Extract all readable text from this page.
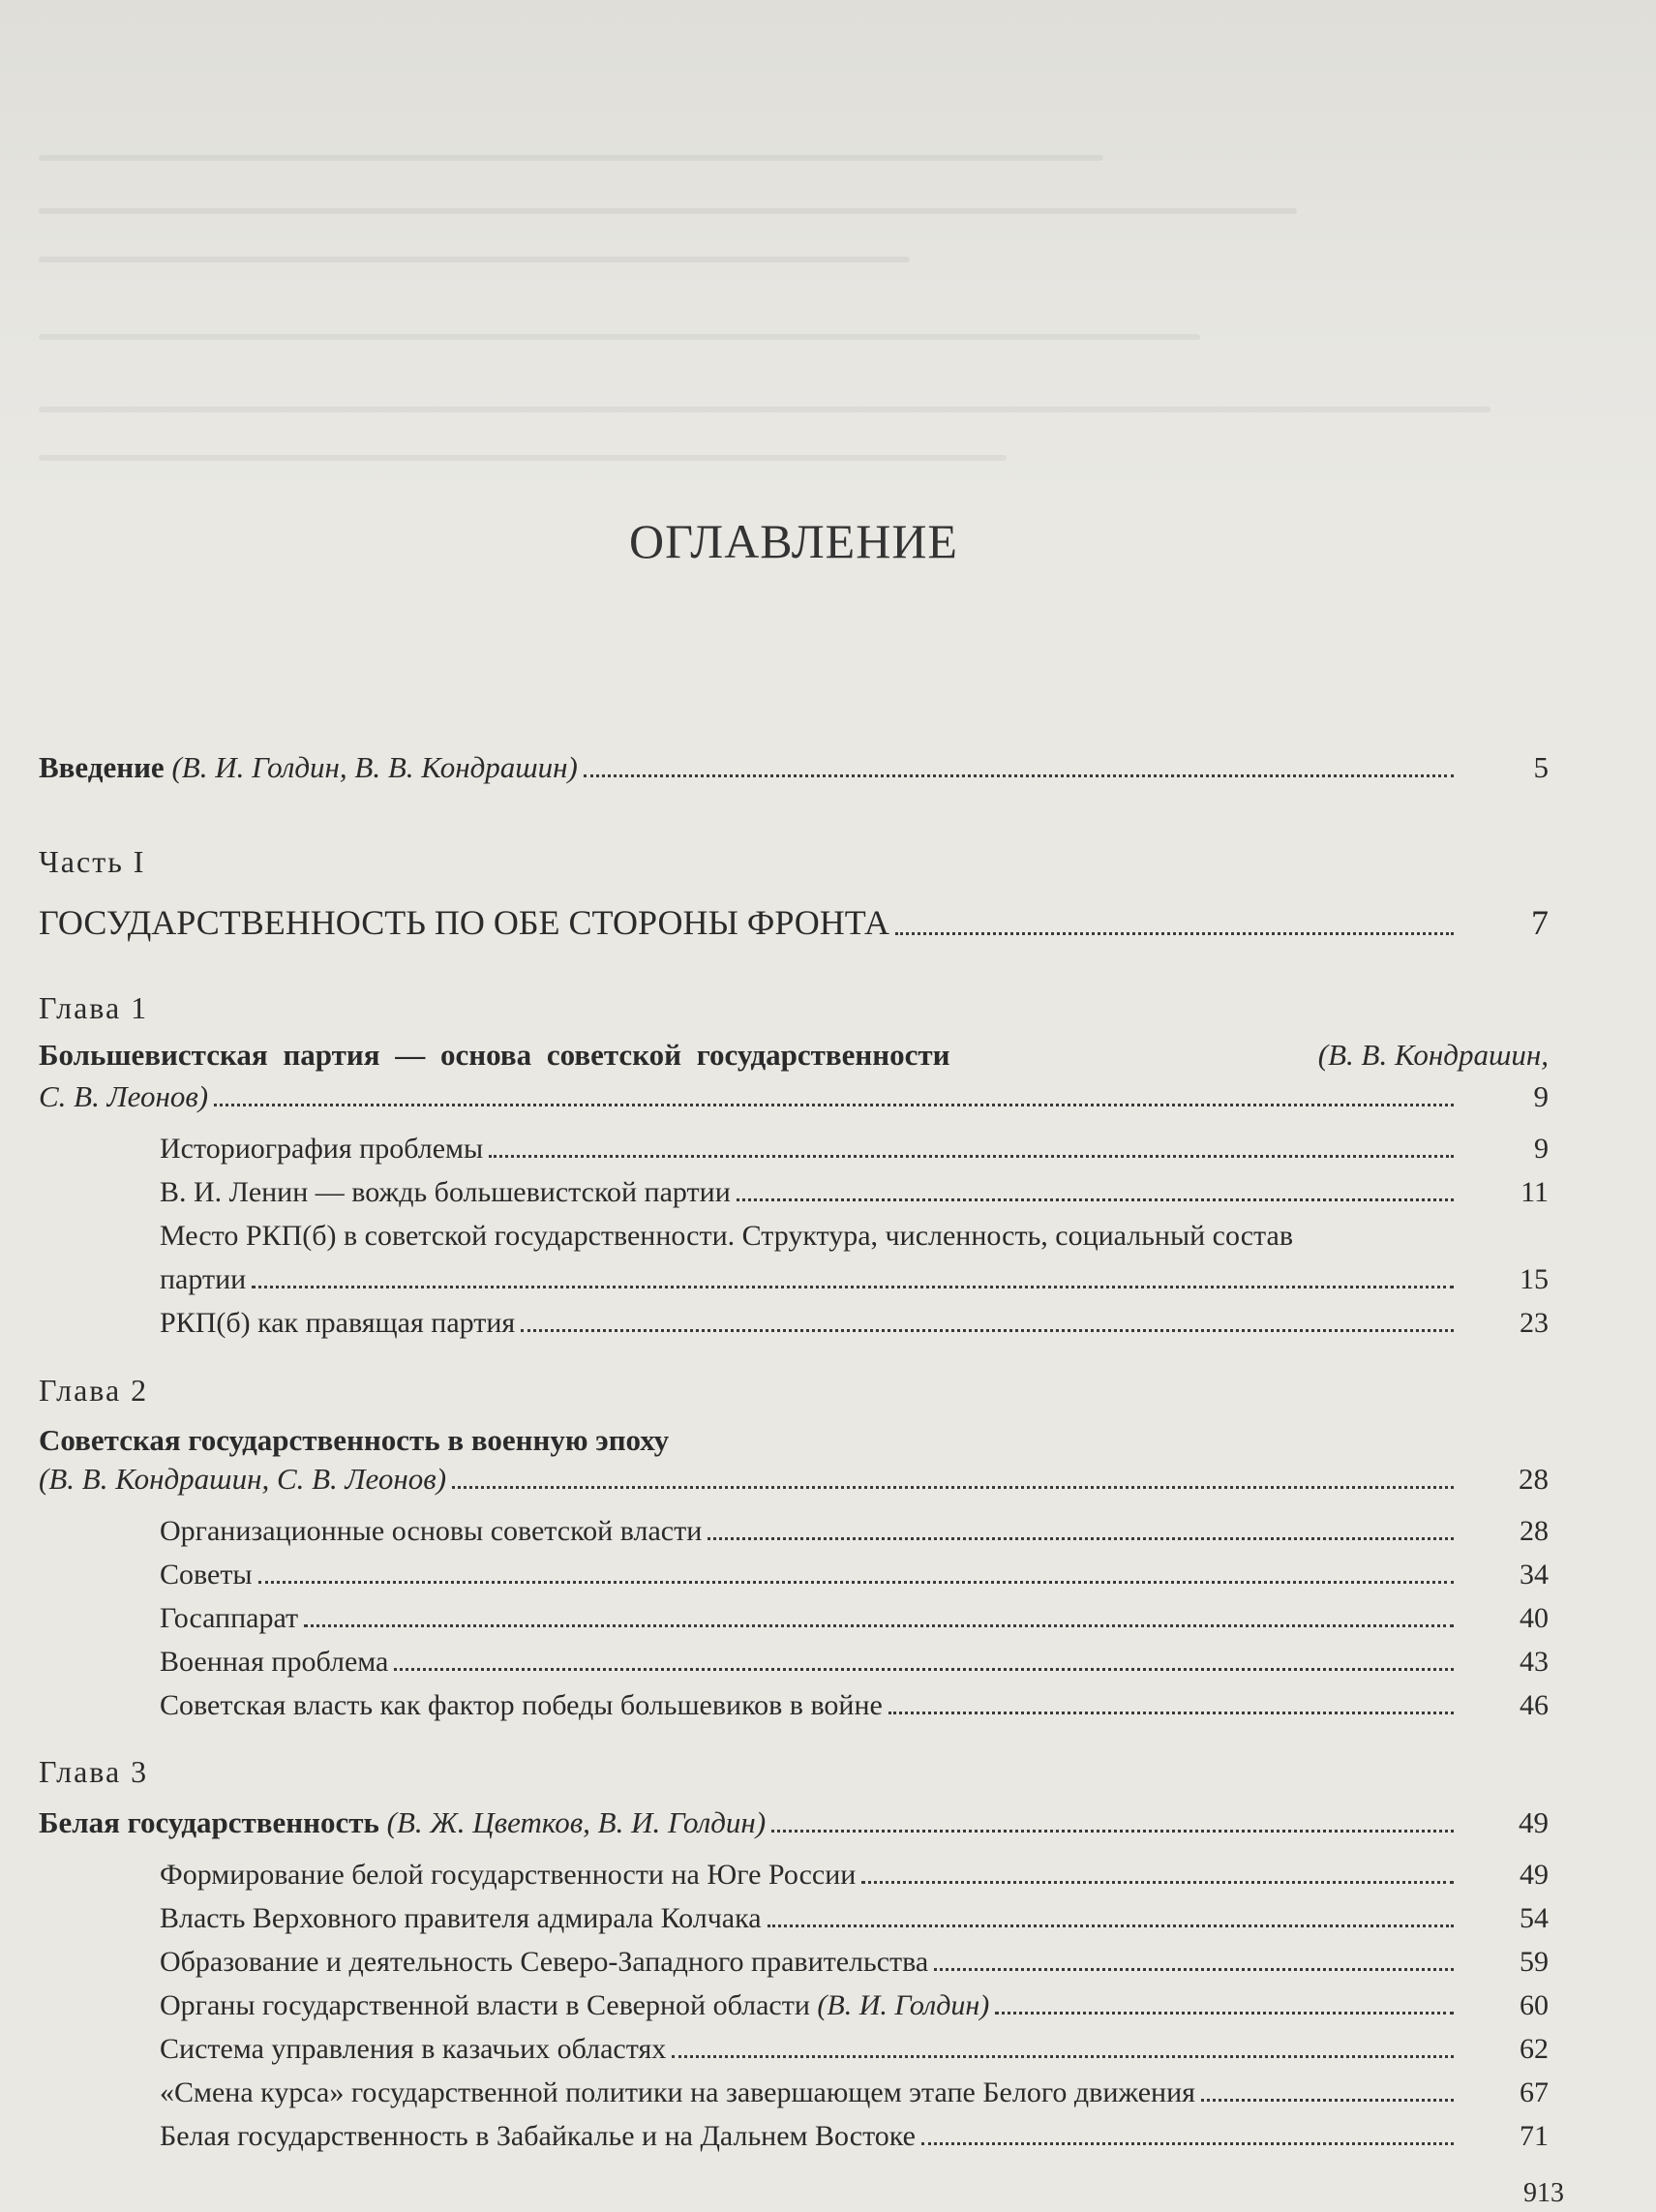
ОГЛАВЛЕНИЕ
Введение (В. И. Голдин, В. В. Кондрашин)	5
Часть I
ГОСУДАРСТВЕННОСТЬ ПО ОБЕ СТОРОНЫ ФРОНТА	7
Глава 1
Большевистская партия — основа советской государственности	(В. В. Кондрашин,
С. В. Леонов)	9
Историография проблемы	9
В. И. Ленин — вождь большевистской партии	11
Место РКП(б) в советской государственности. Структура, численность, социальный состав
партии	15
РКП(б) как правящая партия	23
Глава 2
Советская государственность в военную эпоху
(В. В. Кондрашин, С. В. Леонов)	28
Организационные основы советской власти	28
Советы	34
Госаппарат	40
Военная проблема	43
Советская власть как фактор победы большевиков в войне	46
Глава 3
Белая государственность (В. Ж. Цветков, В. И. Голдин)	49
Формирование белой государственности на Юге России	49
Власть Верховного правителя адмирала Колчака	54
Образование и деятельность Северо-Западного правительства	59
Органы государственной власти в Северной области (В. И. Голдин)	60
Система управления в казачьих областях	62
«Смена курса» государственной политики на завершающем этапе Белого движения	67
Белая государственность в Забайкалье и на Дальнем Востоке	71
913
